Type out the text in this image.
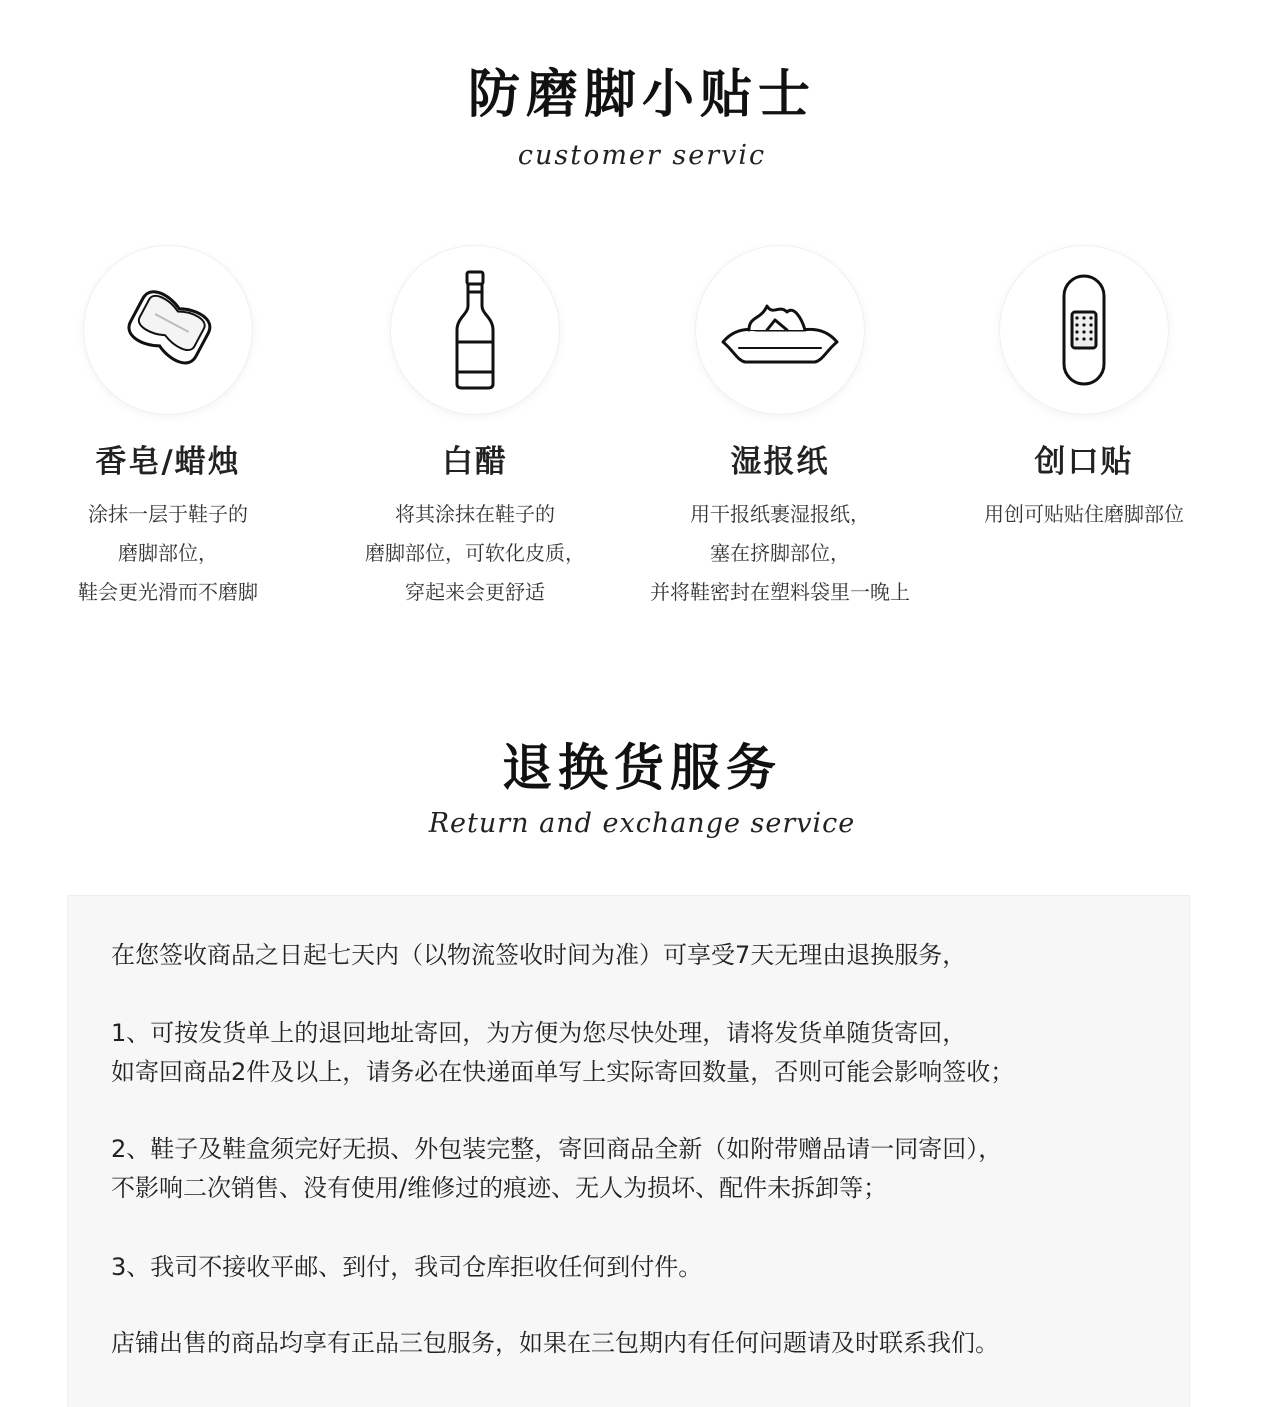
防磨脚小贴士
customer servic
香皂/蜡烛
涂抹一层于鞋子的
磨脚部位，
鞋会更光滑而不磨脚
白醋
将其涂抹在鞋子的
磨脚部位，可软化皮质，
穿起来会更舒适
湿报纸
用干报纸裹湿报纸，
塞在挤脚部位，
并将鞋密封在塑料袋里一晚上
创口贴
用创可贴贴住磨脚部位
退换货服务
Return and exchange service

在您签收商品之日起七天内（以物流签收时间为准）可享受7天无理由退换服务，

1、可按发货单上的退回地址寄回，为方便为您尽快处理，请将发货单随货寄回，
如寄回商品2件及以上，请务必在快递面单写上实际寄回数量，否则可能会影响签收；

2、鞋子及鞋盒须完好无损、外包装完整，寄回商品全新（如附带赠品请一同寄回），
不影响二次销售、没有使用/维修过的痕迹、无人为损坏、配件未拆卸等；

3、我司不接收平邮、到付，我司仓库拒收任何到付件。

店铺出售的商品均享有正品三包服务，如果在三包期内有任何问题请及时联系我们。
